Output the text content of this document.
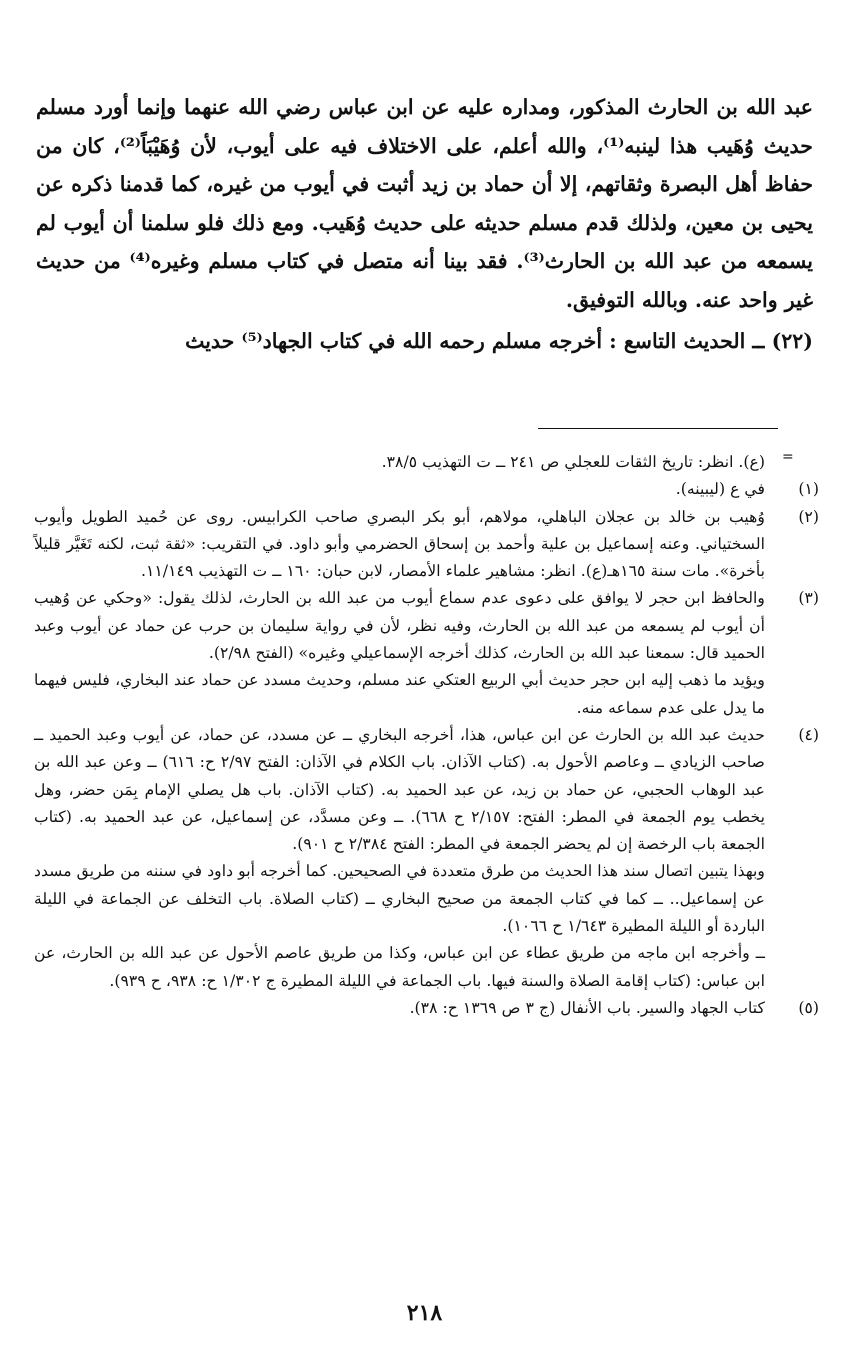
عبد الله بن الحارث المذكور، ومداره عليه عن ابن عباس رضي الله عنهما وإنما أورد مسلم حديث وُهَيب هذا لينبه⁽¹⁾، والله أعلم، على الاختلاف فيه على أيوب، لأن وُهَيْبَاً⁽²⁾، كان من حفاظ أهل البصرة وثقاتهم، إلا أن حماد بن زيد أثبت في أيوب من غيره، كما قدمنا ذكره عن يحيى بن معين، ولذلك قدم مسلم حديثه على حديث وُهَيب. ومع ذلك فلو سلمنا أن أيوب لم يسمعه من عبد الله بن الحارث⁽³⁾. فقد بينا أنه متصل في كتاب مسلم وغيره⁽⁴⁾ من حديث غير واحد عنه. وبالله التوفيق.

(٢٢) ــ الحديث التاسع : أخرجه مسلم رحمه الله في كتاب الجهاد⁽⁵⁾ حديث

=

(ع). انظر: تاريخ الثقات للعجلي ص ٢٤١ ــ ت التهذيب ٣٨/٥.

(١)

في ع (ليبينه).

(٢)

وُهيب بن خالد بن عجلان الباهلي، مولاهم، أبو بكر البصري صاحب الكرابيس. روى عن حُميد الطويل وأيوب السختياني. وعنه إسماعيل بن علية وأحمد بن إسحاق الحضرمي وأبو داود. في التقريب: «ثقة ثبت، لكنه تَغَيَّر قليلاً بأخرة». مات سنة ١٦٥هـ(ع). انظر: مشاهير علماء الأمصار، لابن حبان: ١٦٠ ــ ت التهذيب ١١/١٤٩.

(٣)

والحافظ ابن حجر لا يوافق على دعوى عدم سماع أيوب من عبد الله بن الحارث، لذلك يقول: «وحكي عن وُهيب أن أيوب لم يسمعه من عبد الله بن الحارث، وفيه نظر، لأن في رواية سليمان بن حرب عن حماد عن أيوب وعبد الحميد قال: سمعنا عبد الله بن الحارث، كذلك أخرجه الإسماعيلي وغيره» (الفتح ٢/٩٨).

ويؤيد ما ذهب إليه ابن حجر حديث أبي الربيع العتكي عند مسلم، وحديث مسدد عن حماد عند البخاري، فليس فيهما ما يدل على عدم سماعه منه.

(٤)

حديث عبد الله بن الحارث عن ابن عباس، هذا، أخرجه البخاري ــ عن مسدد، عن حماد، عن أيوب وعبد الحميد ــ صاحب الزيادي ــ وعاصم الأحول به. (كتاب الآذان. باب الكلام في الآذان: الفتح ٢/٩٧ ح: ٦١٦) ــ وعن عبد الله بن عبد الوهاب الحجبي، عن حماد بن زيد، عن عبد الحميد به. (كتاب الآذان. باب هل يصلي الإمام بِمَن حضر، وهل يخطب يوم الجمعة في المطر: الفتح: ٢/١٥٧ ح ٦٦٨). ــ وعن مسدَّد، عن إسماعيل، عن عبد الحميد به. (كتاب الجمعة باب الرخصة إن لم يحضر الجمعة في المطر: الفتح ٢/٣٨٤ ح ٩٠١).

وبهذا يتبين اتصال سند هذا الحديث من طرق متعددة في الصحيحين. كما أخرجه أبو داود في سننه من طريق مسدد عن إسماعيل.. ــ كما في كتاب الجمعة من صحيح البخاري ــ (كتاب الصلاة. باب التخلف عن الجماعة في الليلة الباردة أو الليلة المطيرة ١/٦٤٣ ح ١٠٦٦).

ــ وأخرجه ابن ماجه من طريق عطاء عن ابن عباس، وكذا من طريق عاصم الأحول عن عبد الله بن الحارث، عن ابن عباس: (كتاب إقامة الصلاة والسنة فيها. باب الجماعة في الليلة المطيرة ج ١/٣٠٢ ح: ٩٣٨، ح ٩٣٩).

(٥)

كتاب الجهاد والسير. باب الأنفال (ج ٣ ص ١٣٦٩ ح: ٣٨).

٢١٨
